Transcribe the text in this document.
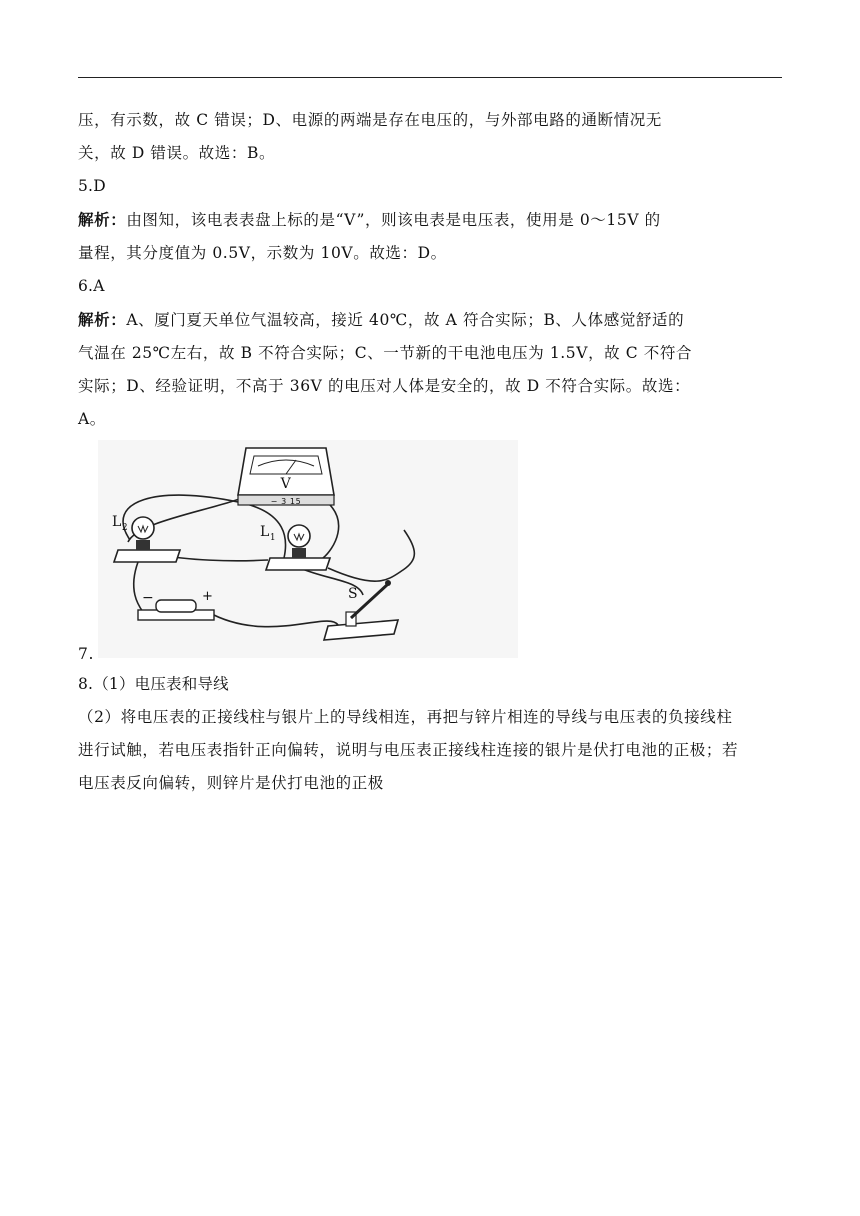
压，有示数，故 C 错误；D、电源的两端是存在电压的，与外部电路的通断情况无

关，故 D 错误。故选：B。

5.D

解析：由图知，该电表表盘上标的是“V”，则该电表是电压表，使用是 0～15V 的

量程，其分度值为 0.5V，示数为 10V。故选：D。

6.A

解析：A、厦门夏天单位气温较高，接近 40℃，故 A 符合实际；B、人体感觉舒适的

气温在 25℃左右，故 B 不符合实际；C、一节新的干电池电压为 1.5V，故 C 不符合

实际；D、经验证明，不高于 36V 的电压对人体是安全的，故 D 不符合实际。故选：

A。

V
− 3 15
$L_2$	$L_1$
−	+	S
7.

8.（1）电压表和导线

（2）将电压表的正接线柱与银片上的导线相连，再把与锌片相连的导线与电压表的负接线柱

进行试触，若电压表指针正向偏转，说明与电压表正接线柱连接的银片是伏打电池的正极；若

电压表反向偏转，则锌片是伏打电池的正极
